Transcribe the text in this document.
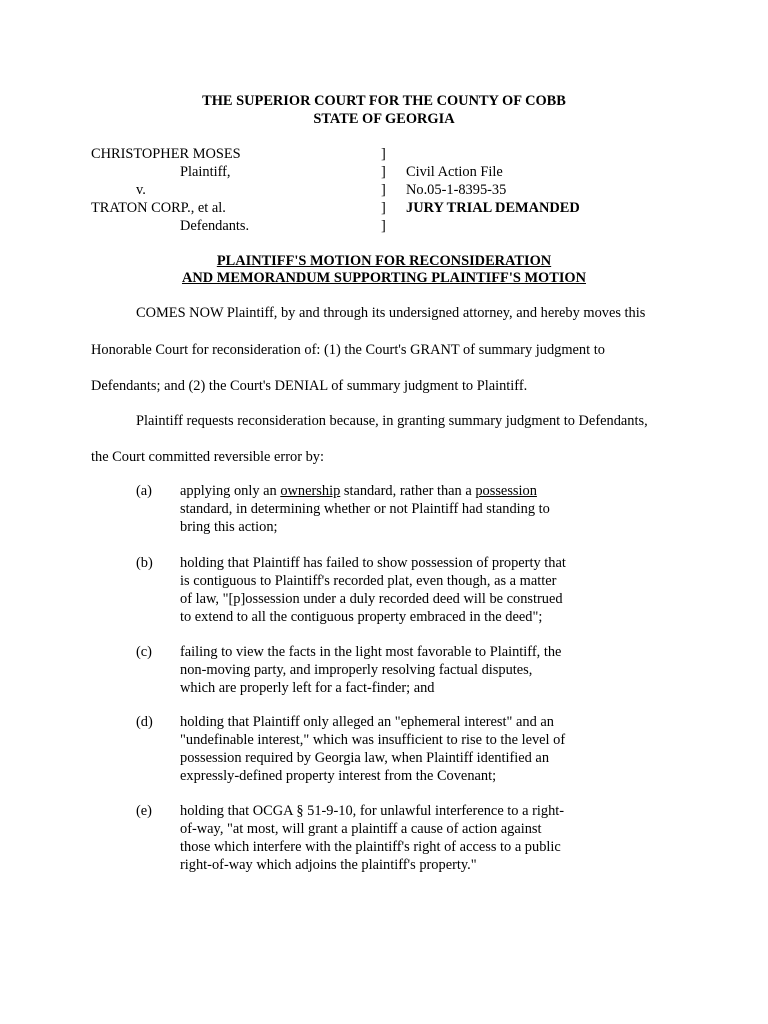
THE SUPERIOR COURT FOR THE COUNTY OF COBB
STATE OF GEORGIA
CHRISTOPHER MOSES
Plaintiff,
v.
TRATON CORP., et al.
Defendants.
]
]
]
]
]
Civil Action File
No.05-1-8395-35
JURY TRIAL DEMANDED
PLAINTIFF'S MOTION FOR RECONSIDERATION
AND MEMORANDUM SUPPORTING PLAINTIFF'S MOTION
COMES NOW Plaintiff, by and through its undersigned attorney, and hereby moves this
Honorable Court for reconsideration of: (1) the Court's GRANT of summary judgment to
Defendants; and (2) the Court's DENIAL of summary judgment to Plaintiff.
Plaintiff requests reconsideration because, in granting summary judgment to Defendants,
the Court committed reversible error by:
(a) applying only an ownership standard, rather than a possession
standard, in determining whether or not Plaintiff had standing to
bring this action;
(b) holding that Plaintiff has failed to show possession of property that
is contiguous to Plaintiff's recorded plat, even though, as a matter
of law, "[p]ossession under a duly recorded deed will be construed
to extend to all the contiguous property embraced in the deed";
(c) failing to view the facts in the light most favorable to Plaintiff, the
non-moving party, and improperly resolving factual disputes,
which are properly left for a fact-finder; and
(d) holding that Plaintiff only alleged an "ephemeral interest" and an
"undefinable interest," which was insufficient to rise to the level of
possession required by Georgia law, when Plaintiff identified an
expressly-defined property interest from the Covenant;
(e) holding that OCGA § 51-9-10, for unlawful interference to a right-
of-way, "at most, will grant a plaintiff a cause of action against
those which interfere with the plaintiff's right of access to a public
right-of-way which adjoins the plaintiff's property."
